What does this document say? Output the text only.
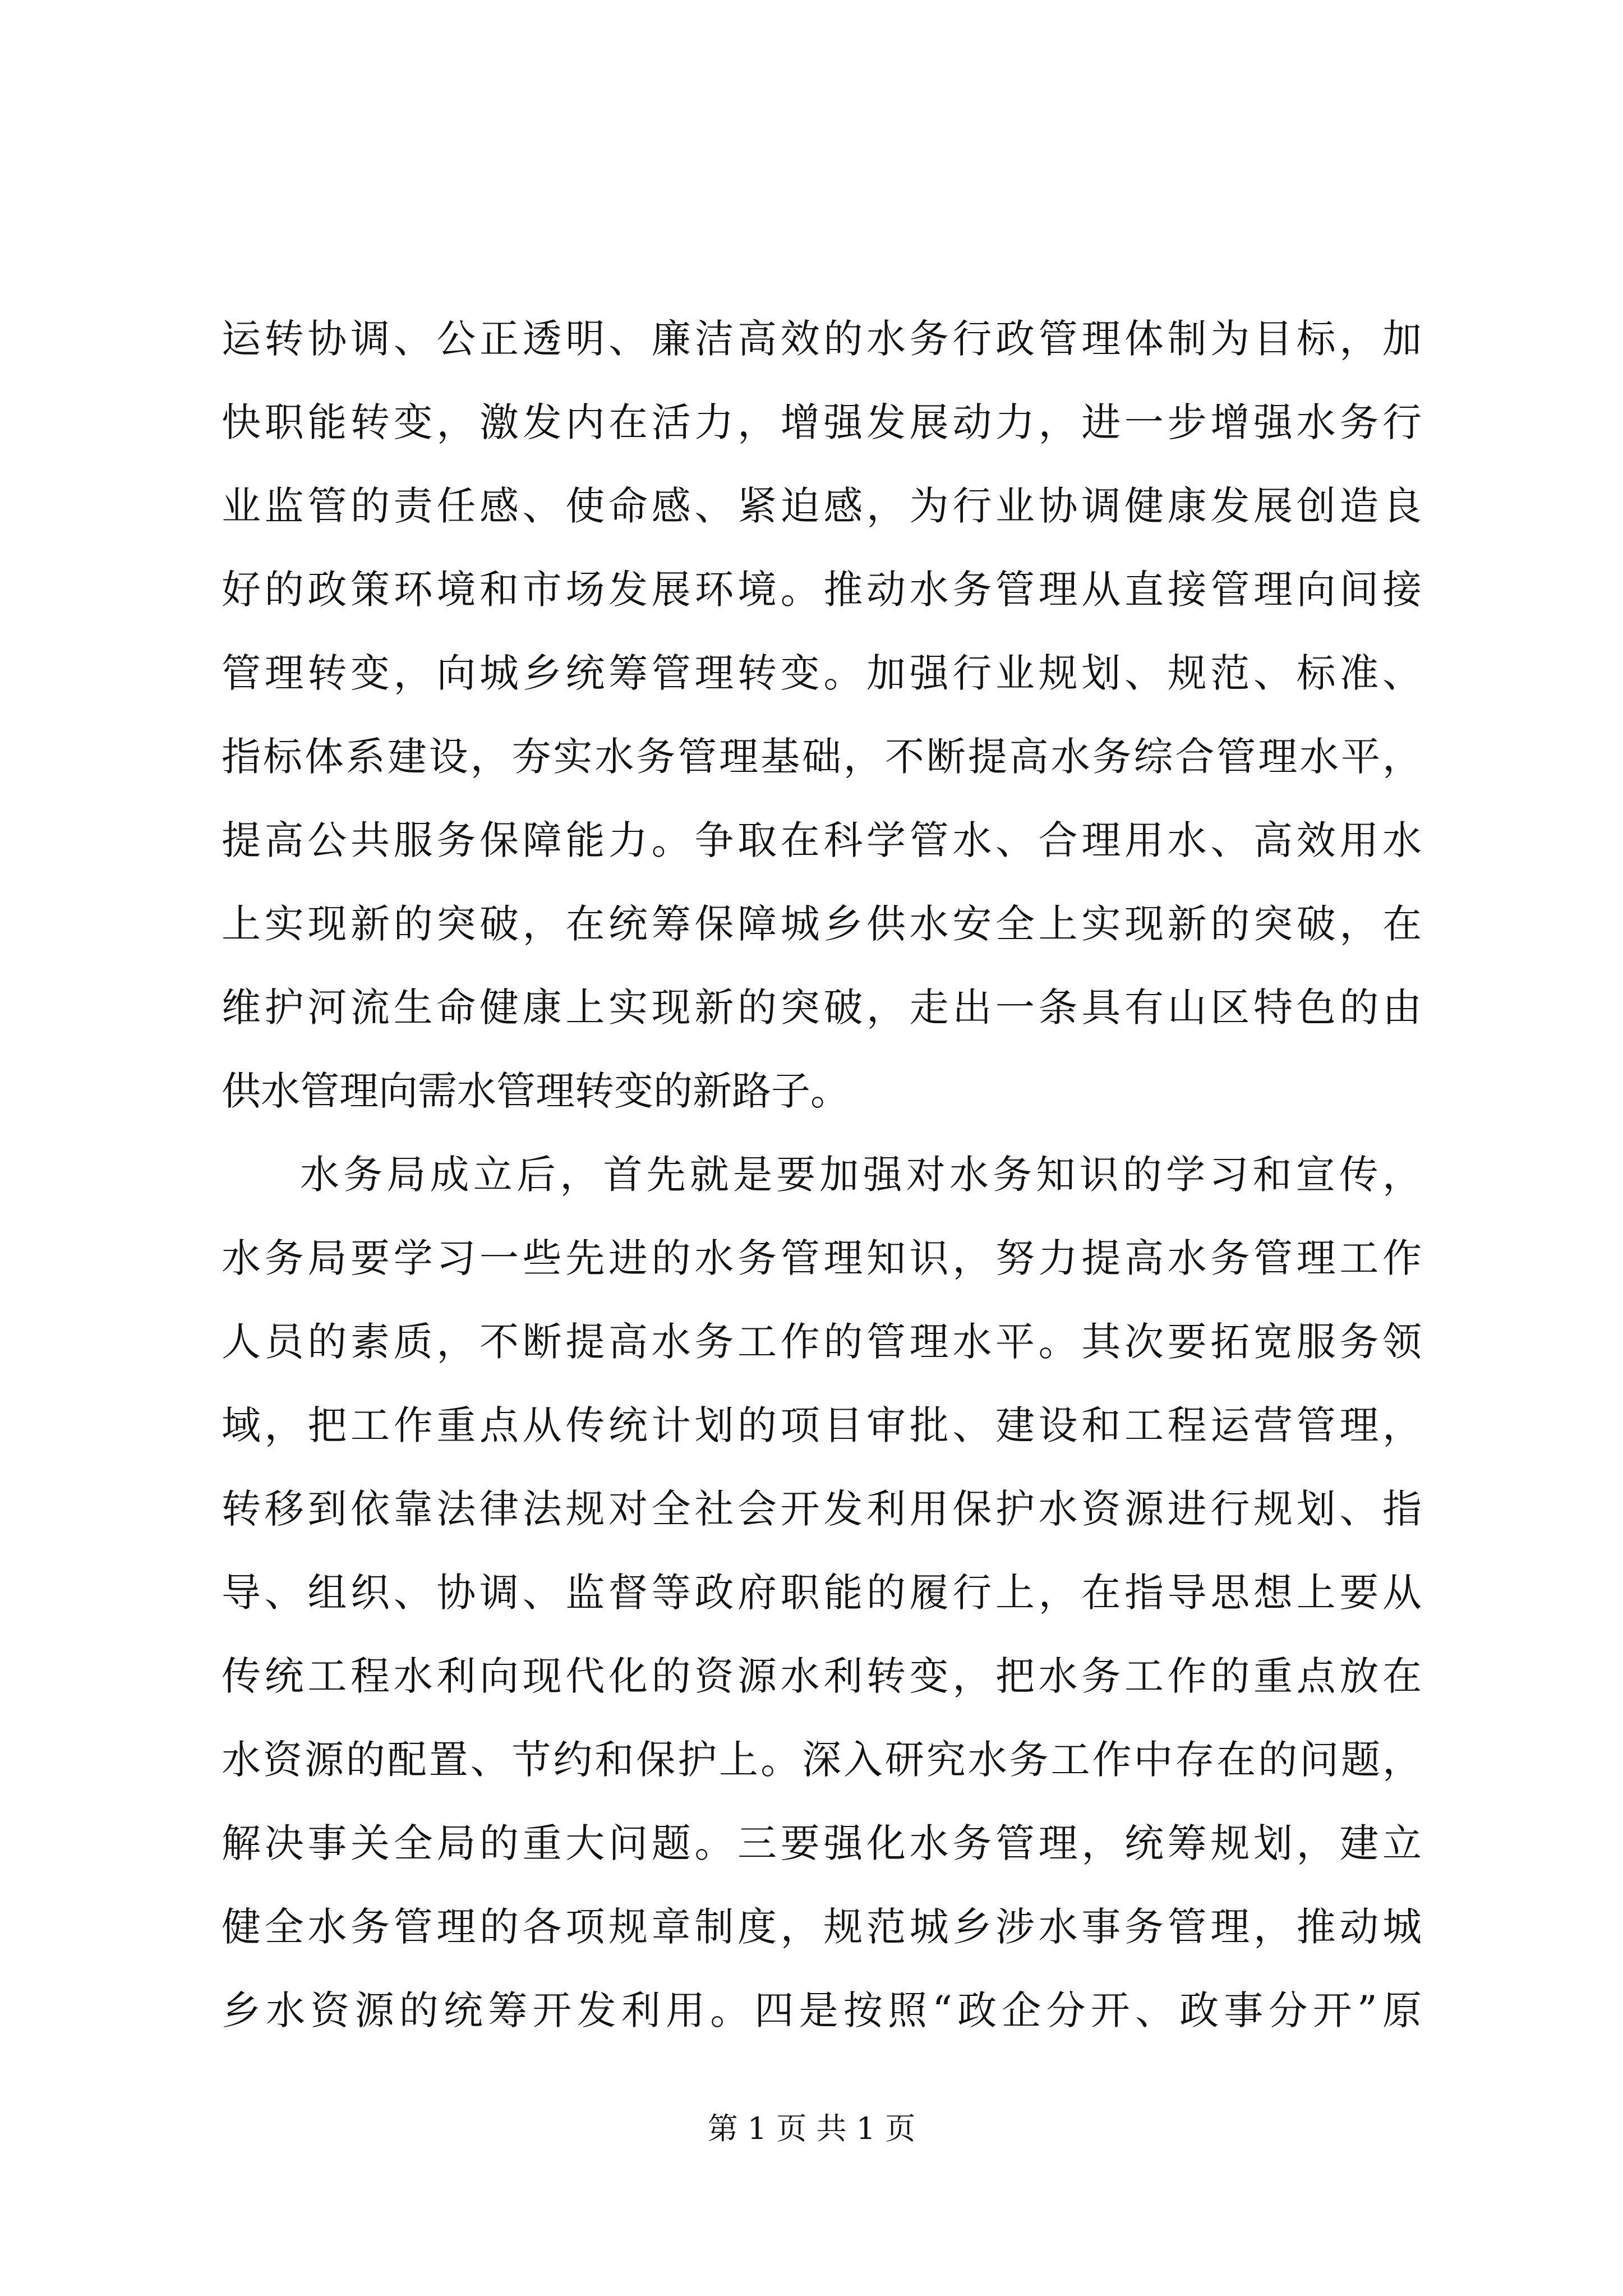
运转协调、公正透明、廉洁高效的水务行政管理体制为目标，加
快职能转变，激发内在活力，增强发展动力，进一步增强水务行
业监管的责任感、使命感、紧迫感，为行业协调健康发展创造良
好的政策环境和市场发展环境。推动水务管理从直接管理向间接
管理转变，向城乡统筹管理转变。加强行业规划、规范、标准、
指标体系建设，夯实水务管理基础，不断提高水务综合管理水平，
提高公共服务保障能力。争取在科学管水、合理用水、高效用水
上实现新的突破，在统筹保障城乡供水安全上实现新的突破，在
维护河流生命健康上实现新的突破，走出一条具有山区特色的由
供水管理向需水管理转变的新路子。
水务局成立后，首先就是要加强对水务知识的学习和宣传，
水务局要学习一些先进的水务管理知识，努力提高水务管理工作
人员的素质，不断提高水务工作的管理水平。其次要拓宽服务领
域，把工作重点从传统计划的项目审批、建设和工程运营管理，
转移到依靠法律法规对全社会开发利用保护水资源进行规划、指
导、组织、协调、监督等政府职能的履行上，在指导思想上要从
传统工程水利向现代化的资源水利转变，把水务工作的重点放在
水资源的配置、节约和保护上。深入研究水务工作中存在的问题，
解决事关全局的重大问题。三要强化水务管理，统筹规划，建立
健全水务管理的各项规章制度，规范城乡涉水事务管理，推动城
乡水资源的统筹开发利用。四是按照“政企分开、政事分开”原
第 1 页 共 1 页
